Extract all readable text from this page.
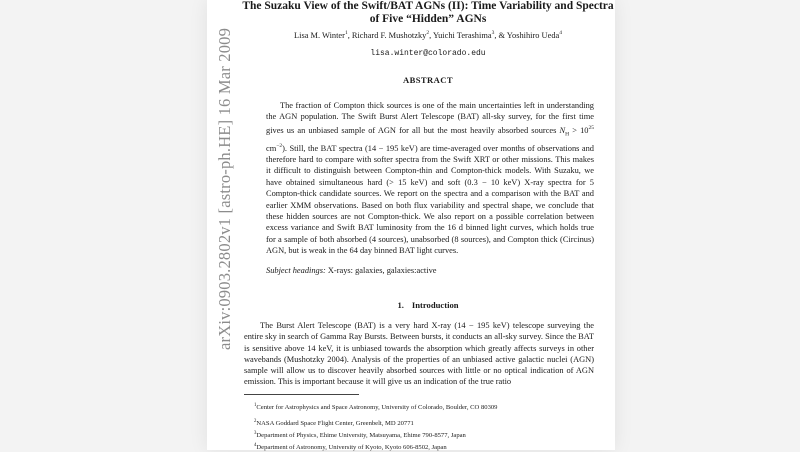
arXiv:0903.2802v1 [astro-ph.HE] 16 Mar 2009
The Suzaku View of the Swift/BAT AGNs (II): Time Variability and Spectra
of Five “Hidden” AGNs
Lisa M. Winter$^1$, Richard F. Mushotzky$^2$, Yuichi Terashima$^3$, & Yoshihiro Ueda$^4$
lisa.winter@colorado.edu
ABSTRACT
The fraction of Compton thick sources is one of the main uncertainties left in understanding the AGN population. The Swift Burst Alert Telescope (BAT) all-sky survey, for the first time gives us an unbiased sample of AGN for all but the most heavily absorbed sources $N_H > 10^{25}$ $cm^{-2}$). Still, the BAT spectra (14 − 195 keV) are time-averaged over months of observations and therefore hard to compare with softer spectra from the Swift XRT or other missions. This makes it difficult to distinguish between Compton-thin and Compton-thick models. With Suzaku, we have obtained simultaneous hard (> 15 keV) and soft (0.3 − 10 keV) X-ray spectra for 5 Compton-thick candidate sources. We report on the spectra and a comparison with the BAT and earlier XMM observations. Based on both flux variability and spectral shape, we conclude that these hidden sources are not Compton-thick. We also report on a possible correlation between excess variance and Swift BAT luminosity from the 16 d binned light curves, which holds true for a sample of both absorbed (4 sources), unabsorbed (8 sources), and Compton thick (Circinus) AGN, but is weak in the 64 day binned BAT light curves.
Subject headings: X-rays: galaxies, galaxies:active
1. Introduction
The Burst Alert Telescope (BAT) is a very hard X-ray (14 − 195 keV) telescope surveying the entire sky in search of Gamma Ray Bursts. Between bursts, it conducts an all-sky survey. Since the BAT is sensitive above 14 keV, it is unbiased towards the absorption which greatly affects surveys in other wavebands (Mushotzky 2004). Analysis of the properties of an unbiased active galactic nuclei (AGN) sample will allow us to discover heavily absorbed sources with little or no optical indication of AGN emission. This is important because it will give us an indication of the true ratio
$^1$Center for Astrophysics and Space Astronomy, University of Colorado, Boulder, CO 80309
$^2$NASA Goddard Space Flight Center, Greenbelt, MD 20771
$^3$Department of Physics, Ehime University, Matsuyama, Ehime 790-8577, Japan
$^4$Department of Astronomy, University of Kyoto, Kyoto 606-8502, Japan
